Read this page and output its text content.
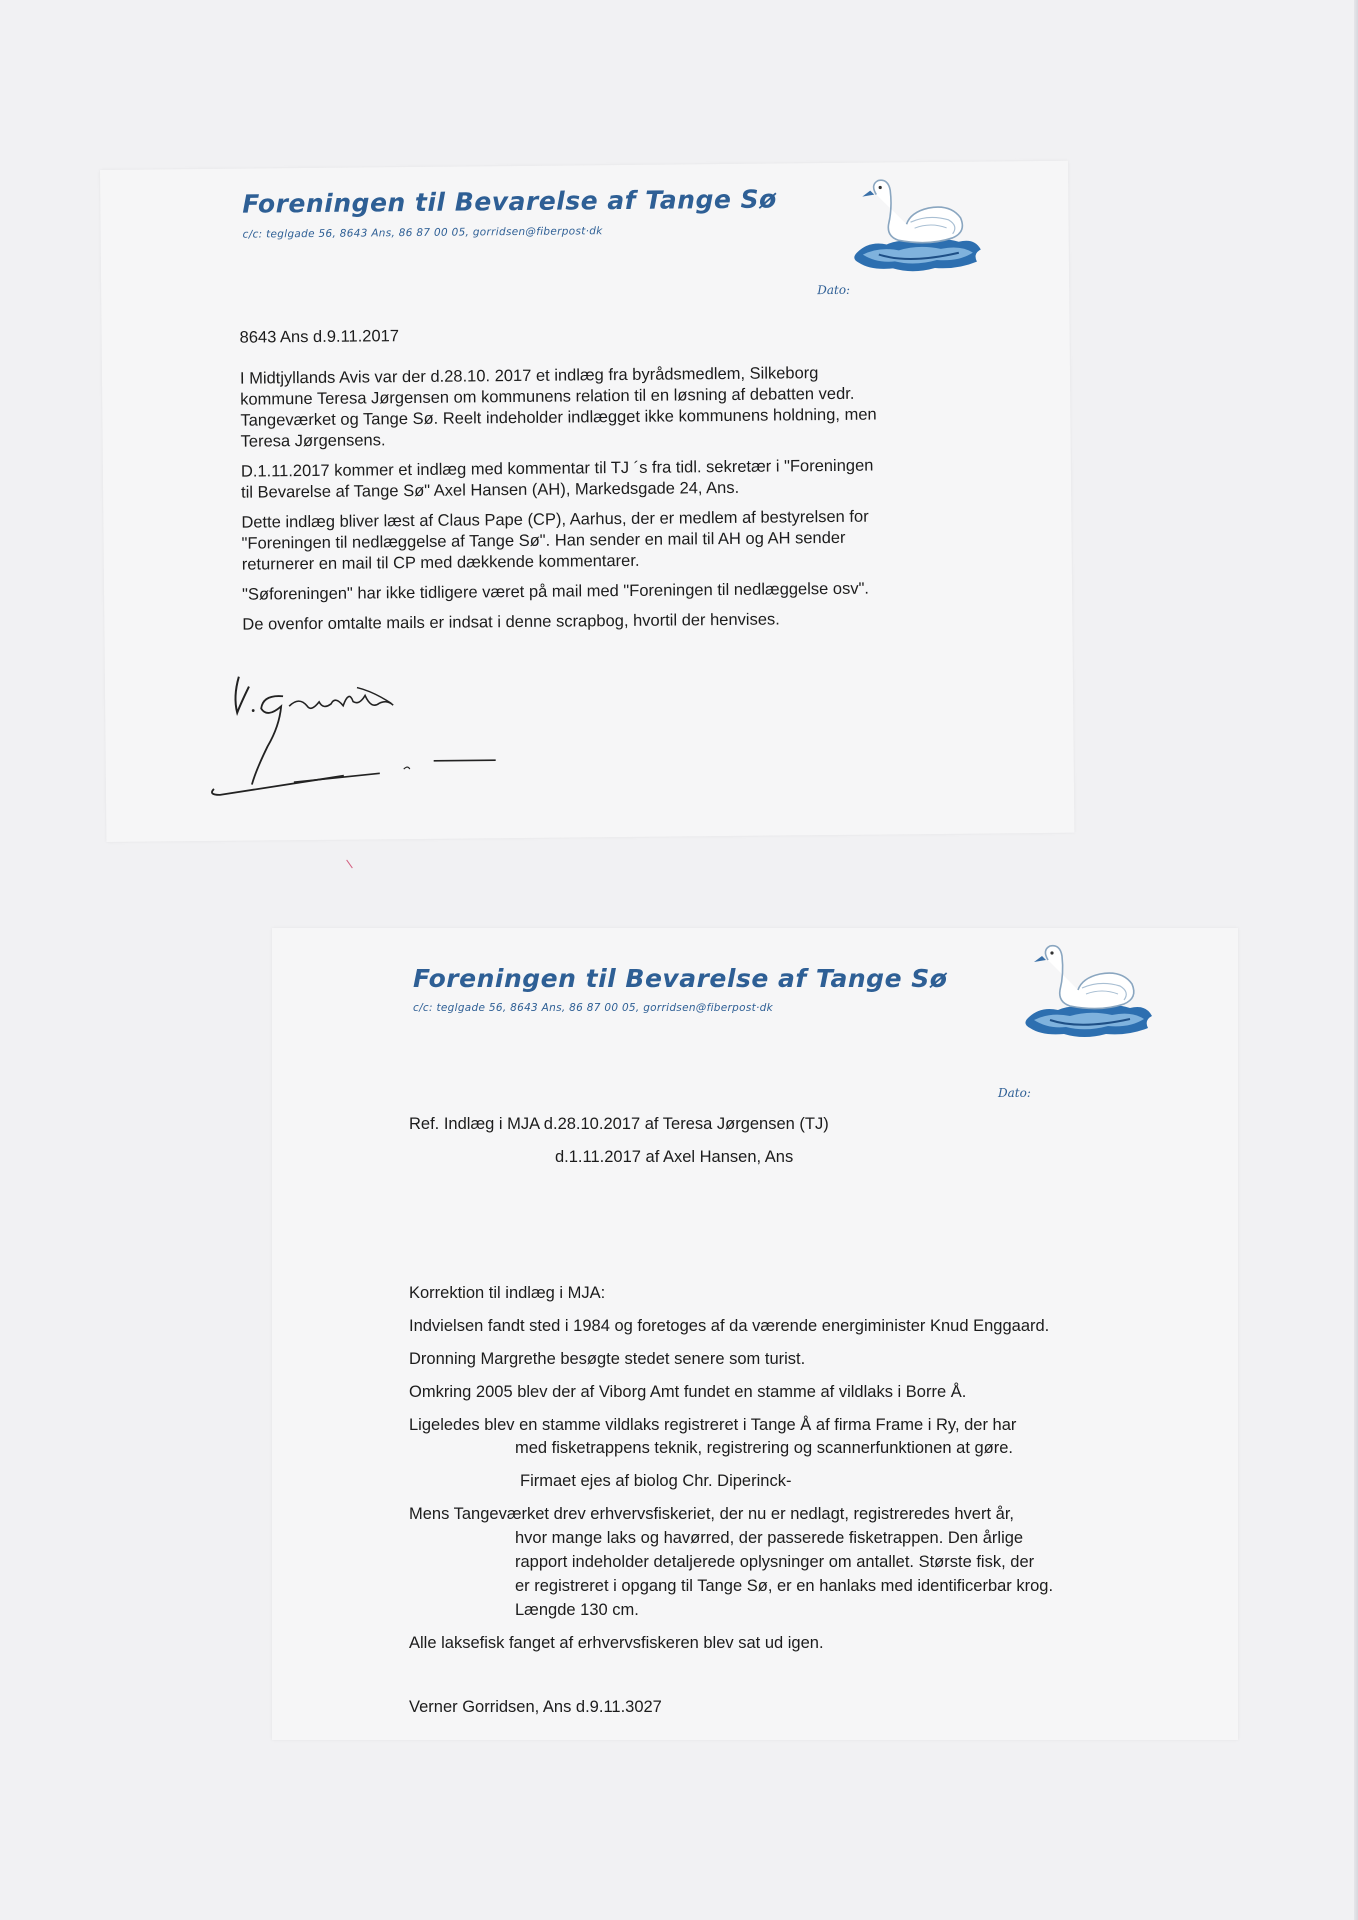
Foreningen til Bevarelse af Tange Sø
c/c: teglgade 56, 8643 Ans, 86 87 00 05, gorridsen@fiberpost·dk
Dato:

8643 Ans d.9.11.2017

I Midtjyllands Avis var der d.28.10. 2017 et indlæg fra byrådsmedlem, Silkeborg

kommune Teresa Jørgensen om kommunens relation til en løsning af debatten vedr.

Tangeværket og Tange Sø. Reelt indeholder indlægget ikke kommunens holdning, men

Teresa Jørgensens.

D.1.11.2017 kommer et indlæg med kommentar til TJ ´s fra tidl. sekretær i "Foreningen

til Bevarelse af Tange Sø" Axel Hansen (AH), Markedsgade 24, Ans.

Dette indlæg bliver læst af Claus Pape (CP), Aarhus, der er medlem af bestyrelsen for

"Foreningen til nedlæggelse af Tange Sø". Han sender en mail til AH og AH sender

returnerer en mail til CP med dækkende kommentarer.

"Søforeningen" har ikke tidligere været på mail med "Foreningen til nedlæggelse osv".

De ovenfor omtalte mails er indsat i denne scrapbog, hvortil der henvises.

Foreningen til Bevarelse af Tange Sø
c/c: teglgade 56, 8643 Ans, 86 87 00 05, gorridsen@fiberpost·dk
Dato:

Ref. Indlæg i MJA d.28.10.2017 af Teresa Jørgensen (TJ)

d.1.11.2017 af Axel Hansen, Ans

Korrektion til indlæg i MJA:

Indvielsen fandt sted i 1984 og foretoges af da værende energiminister Knud Enggaard.

Dronning Margrethe besøgte stedet senere som turist.

Omkring 2005 blev der af Viborg Amt fundet en stamme af vildlaks i Borre Å.

Ligeledes blev en stamme vildlaks registreret i Tange Å af firma Frame i Ry, der har

med fisketrappens teknik, registrering og scannerfunktionen at gøre.

Firmaet ejes af biolog Chr. Diperinck-

Mens Tangeværket drev erhvervsfiskeriet, der nu er nedlagt, registreredes hvert år,

hvor mange laks og havørred, der passerede fisketrappen. Den årlige

rapport indeholder detaljerede oplysninger om antallet. Største fisk, der

er registreret i opgang til Tange Sø, er en hanlaks med identificerbar krog.

Længde 130 cm.

Alle laksefisk fanget af erhvervsfiskeren blev sat ud igen.

Verner Gorridsen, Ans d.9.11.3027
